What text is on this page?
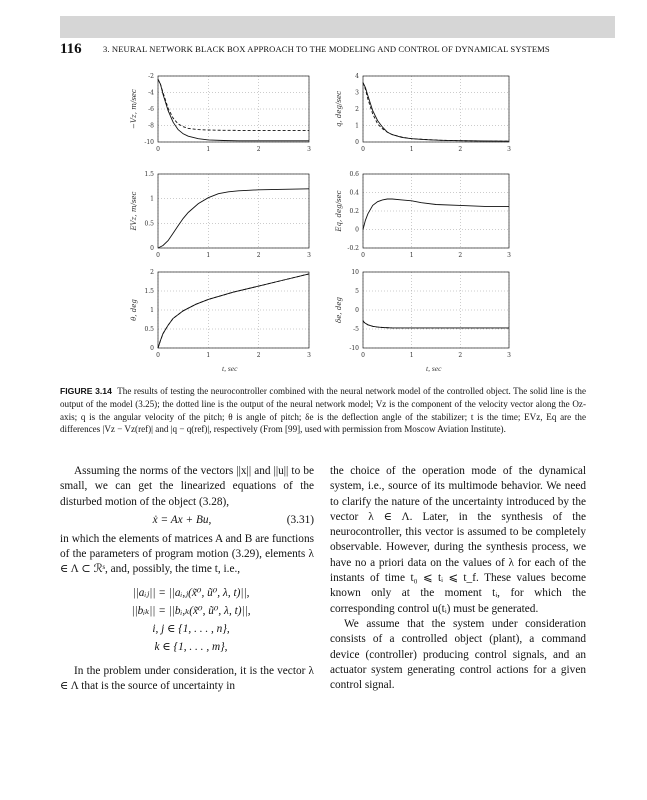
116 3. NEURAL NETWORK BLACK BOX APPROACH TO THE MODELING AND CONTROL OF DYNAMICAL SYSTEMS
0	1	2	3
-2
-4
-6
-8
-10
−Vz, m/sec
0	1	2	3
0
1
2
3
4
q, deg/sec
0	1	2	3
0
0.5
1
1.5
EVz, m/sec
0	1	2	3
-0.2
0
0.2
0.4
0.6
Eq, deg/sec
0	1	2	3
0
0.5
1
1.5
2
θ, deg
0	1	2	3
-10
-5
0
5
10
δe, deg
t, sec	t, sec
FIGURE 3.14 The results of testing the neurocontroller combined with the neural network model of the controlled object. The solid line is the output of the model (3.25); the dotted line is the output of the neural network model; Vz is the component of the velocity vector along the Oz-axis; q is the angular velocity of the pitch; θ is angle of pitch; δe is the deflection angle of the stabilizer; t is the time; EVz, Eq are the differences |Vz − Vz(ref)| and |q − q(ref)|, respectively (From [99], used with permission from Moscow Aviation Institute).

Assuming the norms of the vectors ||x|| and ||u|| to be small, we can get the linearized equations of the disturbed motion of the object (3.28),

ẋ = Ax + Bu,	(3.31)

in which the elements of matrices A and B are functions of the parameters of program motion (3.29), elements λ ∈ Λ ⊂ ℛˢ, and, possibly, the time t, i.e.,

||aᵢⱼ|| = ||aᵢ,ⱼ(x̃⁰, ũ⁰, λ, t)||,
||bᵢₖ|| = ||bᵢ,ₖ(x̃⁰, ũ⁰, λ, t)||,
i, j ∈ {1, . . . , n},
k ∈ {1, . . . , m},

In the problem under consideration, it is the vector λ ∈ Λ that is the source of uncertainty in

the choice of the operation mode of the dynamical system, i.e., source of its multimode behavior. We need to clarify the nature of the uncertainty introduced by the vector λ ∈ Λ. Later, in the synthesis of the neurocontroller, this vector is assumed to be completely observable. However, during the synthesis process, we have no a priori data on the values of λ for each of the instants of time t₀ ⩽ tᵢ ⩽ t_f. These values become known only at the moment tᵢ, for which the corresponding control u(tᵢ) must be generated.

We assume that the system under consideration consists of a controlled object (plant), a command device (controller) producing control signals, and an actuator system generating control actions for a given control signal.
